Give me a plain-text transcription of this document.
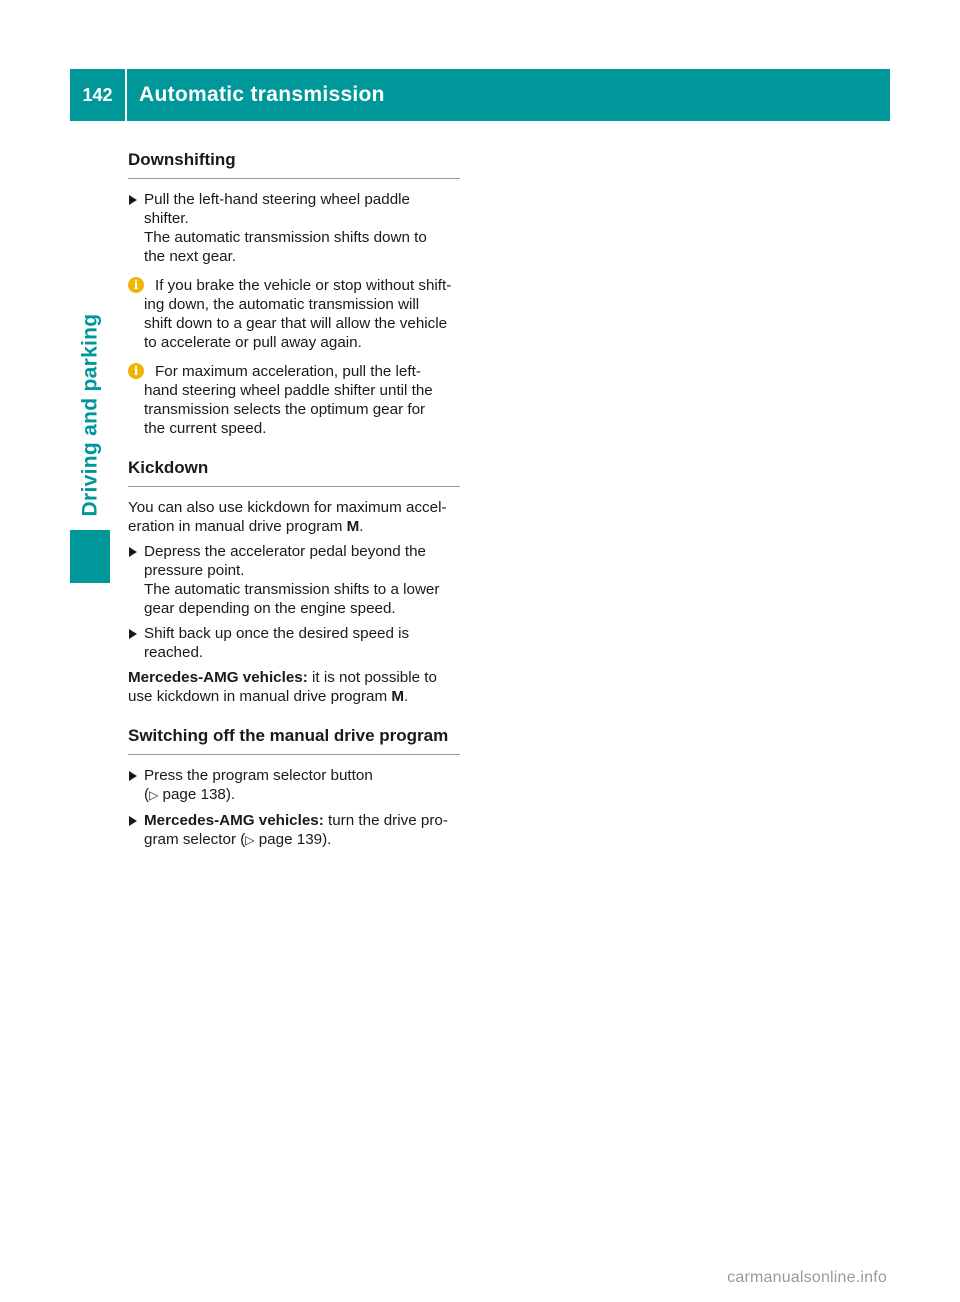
142	Automatic transmission
Driving and parking
Downshifting
Pull the left-hand steering wheel paddle
shifter.
The automatic transmission shifts down to
the next gear.
i	If you brake the vehicle or stop without shift-
ing down, the automatic transmission will
shift down to a gear that will allow the vehicle
to accelerate or pull away again.
i	For maximum acceleration, pull the left-
hand steering wheel paddle shifter until the
transmission selects the optimum gear for
the current speed.
Kickdown
You can also use kickdown for maximum accel-
eration in manual drive program M.
Depress the accelerator pedal beyond the
pressure point.
The automatic transmission shifts to a lower
gear depending on the engine speed.
Shift back up once the desired speed is
reached.
Mercedes-AMG vehicles: it is not possible to
use kickdown in manual drive program M.
Switching off the manual drive program
Press the program selector button
(▷ page 138).
Mercedes-AMG vehicles: turn the drive pro-
gram selector (▷ page 139).
carmanualsonline.info
